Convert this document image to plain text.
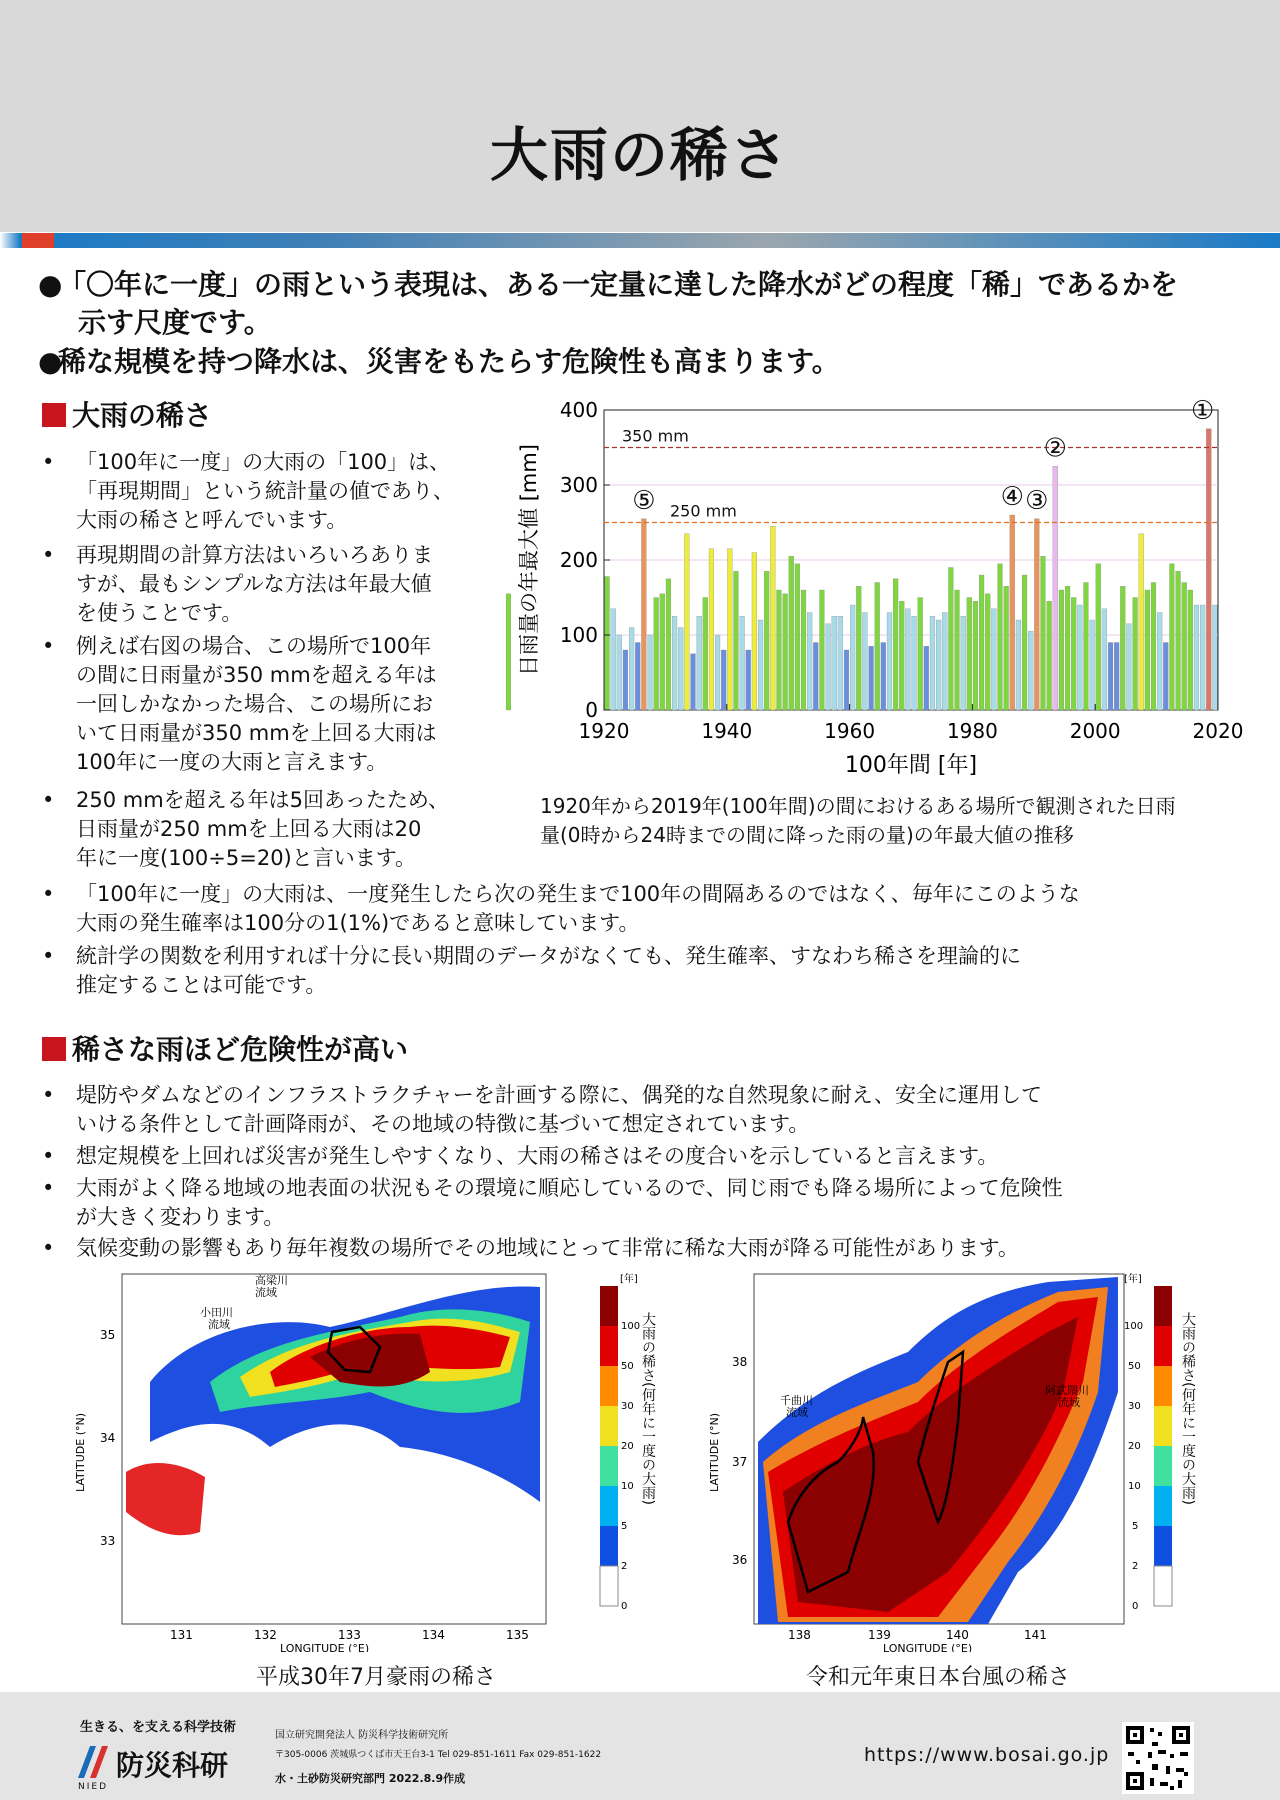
大雨の稀さ
●「〇年に一度」の雨という表現は、ある一定量に達した降水がどの程度「稀」であるかを
示す尺度です。
●稀な規模を持つ降水は、災害をもたらす危険性も高まります。
大雨の稀さ
•	「100年に一度」の大雨の「100」は、
「再現期間」という統計量の値であり、
大雨の稀さと呼んでいます。
•	再現期間の計算方法はいろいろありま
すが、最もシンプルな方法は年最大値
を使うことです。
•	例えば右図の場合、この場所で100年
の間に日雨量が350 mmを超える年は
一回しかなかった場合、この場所にお
いて日雨量が350 mmを上回る大雨は
100年に一度の大雨と言えます。
•	250 mmを超える年は5回あったため、
日雨量が250 mmを上回る大雨は20
年に一度(100÷5=20)と言います。
•	「100年に一度」の大雨は、一度発生したら次の発生まで100年の間隔あるのではなく、毎年にこのような
大雨の発生確率は100分の1(1%)であると意味しています。
•	統計学の関数を利用すれば十分に長い期間のデータがなくても、発生確率、すなわち稀さを理論的に
推定することは可能です。
350 mm
250 mm
①
②
③
④
⑤
1920	1940	1960	1980	2000	2020
0
100
200
300
400
100年間 [年]
日雨量の年最大値 [mm]
1920年から2019年(100年間)の間におけるある場所で観測された日雨
量(0時から24時までの間に降った雨の量)の年最大値の推移
稀さな雨ほど危険性が高い
•	堤防やダムなどのインフラストラクチャーを計画する際に、偶発的な自然現象に耐え、安全に運用して
いける条件として計画降雨が、その地域の特徴に基づいて想定されています。
•	想定規模を上回れば災害が発生しやすくなり、大雨の稀さはその度合いを示していると言えます。
•	大雨がよく降る地域の地表面の状況もその環境に順応しているので、同じ雨でも降る場所によって危険性
が大きく変わります。
•	気候変動の影響もあり毎年複数の場所でその地域にとって非常に稀な大雨が降る可能性があります。
高梁川
流域
小田川
流域
35
34
33
131	132	133	134	135
LONGITUDE (°E)
LATITUDE (°N)
[年]
100
50
30
20
10
5
2
0
大雨の稀さ(何年に一度の大雨)
平成30年7月豪雨の稀さ
千曲川
流域
阿武隈川
流域
38
37
36
138	139	140	141
LONGITUDE (°E)
LATITUDE (°N)
[年]
100
50
30
20
10
5
2
0
大雨の稀さ(何年に一度の大雨)
令和元年東日本台風の稀さ
生きる、を支える科学技術
防災科研
NIED
国立研究開発法人 防災科学技術研究所
〒305-0006 茨城県つくば市天王台3-1 Tel 029-851-1611 Fax 029-851-1622
水・土砂防災研究部門 2022.8.9作成
https://www.bosai.go.jp
